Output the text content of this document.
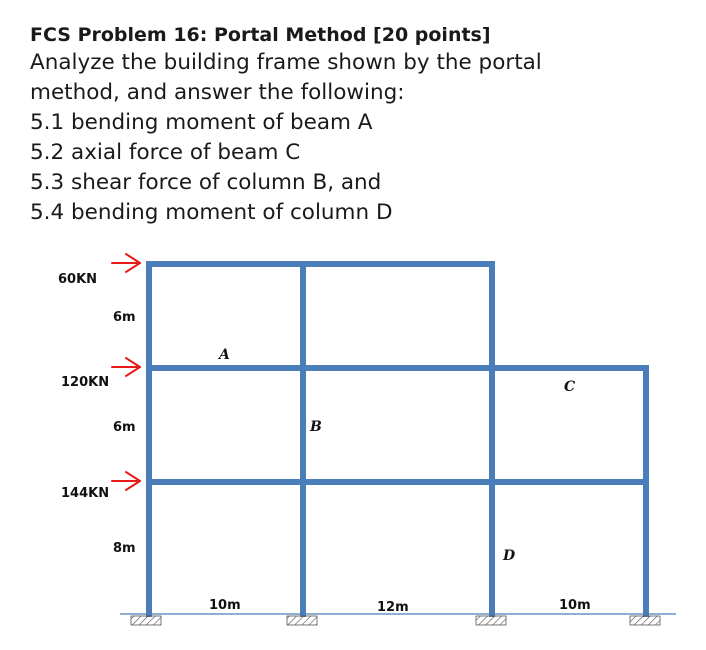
FCS Problem 16: Portal Method [20 points]

Analyze the building frame shown by the portal

method, and answer the following:

5.1 bending moment of beam A

5.2 axial force of beam C

5.3 shear force of column B, and

5.4 bending moment of column D

60KN
120KN
144KN
6m
6m
8m
10m	12m	10m
A
B
C
D
